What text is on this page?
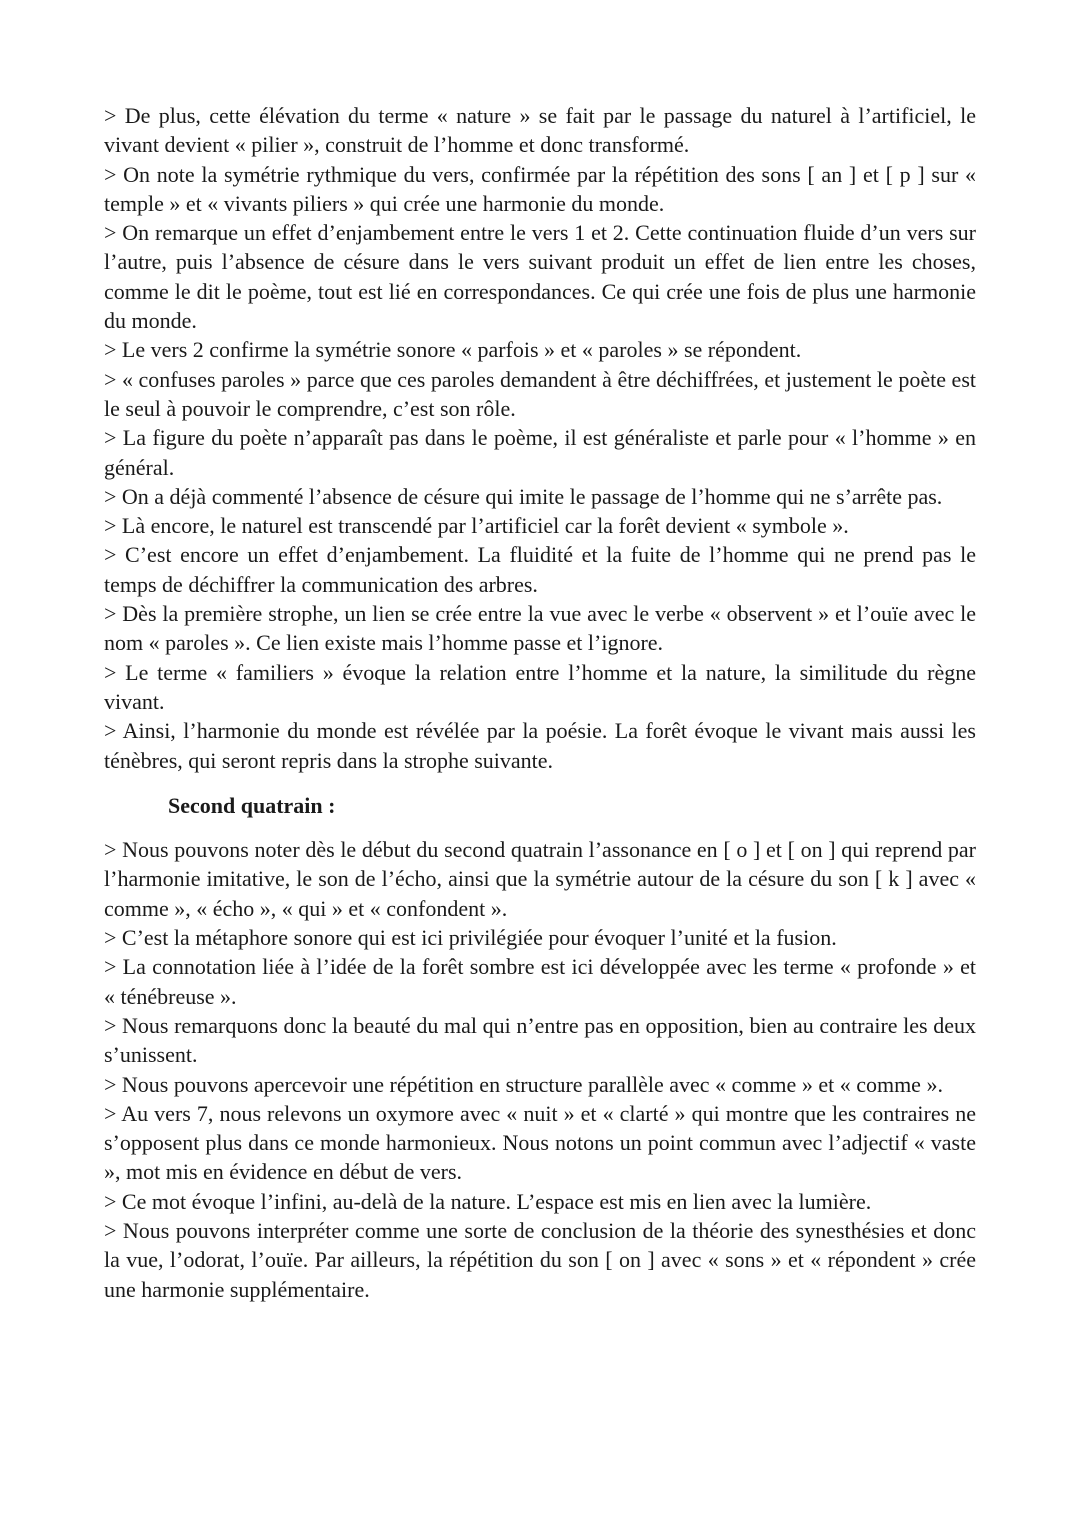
> De plus, cette élévation du terme « nature » se fait par le passage du naturel à l’artificiel, le vivant devient « pilier », construit de l’homme et donc transformé.

> On note la symétrie rythmique du vers, confirmée par la répétition des sons [ an ] et [ p ] sur « temple » et « vivants piliers » qui crée une harmonie du monde.

> On remarque un effet d’enjambement entre le vers 1 et 2. Cette continuation fluide d’un vers sur l’autre, puis l’absence de césure dans le vers suivant produit un effet de lien entre les choses, comme le dit le poème, tout est lié en correspondances. Ce qui crée une fois de plus une harmonie du monde.

> Le vers 2 confirme la symétrie sonore « parfois » et « paroles » se répondent.

> « confuses paroles » parce que ces paroles demandent à être déchiffrées, et justement le poète est le seul à pouvoir le comprendre, c’est son rôle.

> La figure du poète n’apparaît pas dans le poème, il est généraliste et parle pour « l’homme » en général.

> On a déjà commenté l’absence de césure qui imite le passage de l’homme qui ne s’arrête pas.

> Là encore, le naturel est transcendé par l’artificiel car la forêt devient « symbole ».

> C’est encore un effet d’enjambement. La fluidité et la fuite de l’homme qui ne prend pas le temps de déchiffrer la communication des arbres.

> Dès la première strophe, un lien se crée entre la vue avec le verbe « observent » et l’ouïe avec le nom « paroles ». Ce lien existe mais l’homme passe et l’ignore.

> Le terme « familiers » évoque la relation entre l’homme et la nature, la similitude du règne vivant.

> Ainsi, l’harmonie du monde est révélée par la poésie. La forêt évoque le vivant mais aussi les ténèbres, qui seront repris dans la strophe suivante.

Second quatrain :

> Nous pouvons noter dès le début du second quatrain l’assonance en [ o ] et [ on ] qui reprend par l’harmonie imitative, le son de l’écho, ainsi que la symétrie autour de la césure du son [ k ] avec « comme », « écho », « qui » et « confondent ».

> C’est la métaphore sonore qui est ici privilégiée pour évoquer l’unité et la fusion.

> La connotation liée à l’idée de la forêt sombre est ici développée avec les terme « profonde » et « ténébreuse ».

> Nous remarquons donc la beauté du mal qui n’entre pas en opposition, bien au contraire les deux s’unissent.

> Nous pouvons apercevoir une répétition en structure parallèle avec « comme » et « comme ».

> Au vers 7, nous relevons un oxymore avec « nuit » et « clarté » qui montre que les contraires ne s’opposent plus dans ce monde harmonieux. Nous notons un point commun avec l’adjectif « vaste », mot mis en évidence en début de vers.

> Ce mot évoque l’infini, au-delà de la nature. L’espace est mis en lien avec la lumière.

> Nous pouvons interpréter comme une sorte de conclusion de la théorie des synesthésies et donc la vue, l’odorat, l’ouïe. Par ailleurs, la répétition du son [ on ] avec « sons » et « répondent » crée une harmonie supplémentaire.
